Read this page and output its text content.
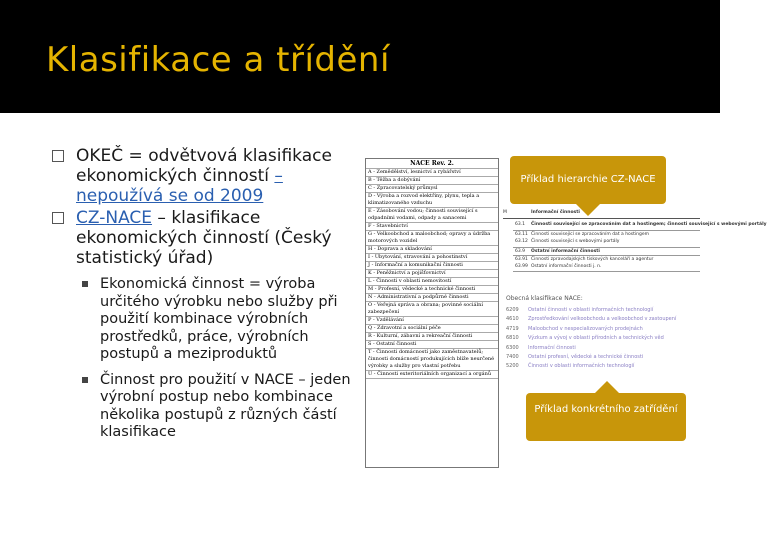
Klasifikace a třídění
OKEČ = odvětvová klasifikace ekonomických činností – nepoužívá se od 2009
CZ-NACE – klasifikace ekonomických činností (Český statistický úřad)
Ekonomická činnost = výroba určitého výrobku nebo služby při použití kombinace výrobních prostředků, práce, výrobních postupů a meziproduktů
Činnost pro použití v NACE – jeden výrobní postup nebo kombinace několika postupů z různých částí klasifikace
NACE Rev. 2.
A - Zemědělství, lesnictví a rybářství
B - Těžba a dobývání
C - Zpracovatelský průmysl
D - Výroba a rozvod elektřiny, plynu, tepla a klimatizovaného vzduchu
E - Zásobování vodou; činnosti související s odpadními vodami, odpady a sanacemi
F - Stavebnictví
G - Velkoobchod a maloobchod; opravy a údržba motorových vozidel
H - Doprava a skladování
I - Ubytování, stravování a pohostinství
J - Informační a komunikační činnosti
K - Peněžnictví a pojišťovnictví
L - Činnosti v oblasti nemovitostí
M - Profesní, vědecké a technické činnosti
N - Administrativní a podpůrné činnosti
O - Veřejná správa a obrana; povinné sociální zabezpečení
P - Vzdělávání
Q - Zdravotní a sociální péče
R - Kulturní, zábavní a rekreační činnosti
S - Ostatní činnosti
T - Činnosti domácností jako zaměstnavatelů; činnosti domácností produkujících blíže neurčené výrobky a služby pro vlastní potřebu
U - Činnosti exteritoriálních organizací a orgánů
M	Informační činnosti
63.1 Činnosti související se zpracováním dat a hostingem; činnosti související s webovými portály
63.11 Činnosti související se zpracováním dat a hostingem
63.12 Činnosti související s webovými portály
63.9 Ostatní informační činnosti
63.91 Činnosti zpravodajských tiskových kanceláří a agentur
63.99 Ostatní informační činnosti j. n.
Obecná klasifikace NACE:
6209 Ostatní činnosti v oblasti informačních technologií
4610 Zprostředkování velkoobchodu a velkoobchod v zastoupení
4719 Maloobchod v nespecializovaných prodejnách
6810 Výzkum a vývoj v oblasti přírodních a technických věd
6300 Informační činnosti
7400 Ostatní profesní, vědecké a technické činnosti
5200 Činnosti v oblasti informačních technologií
Příklad hierarchie CZ-NACE
Příklad konkrétního zatřídění
